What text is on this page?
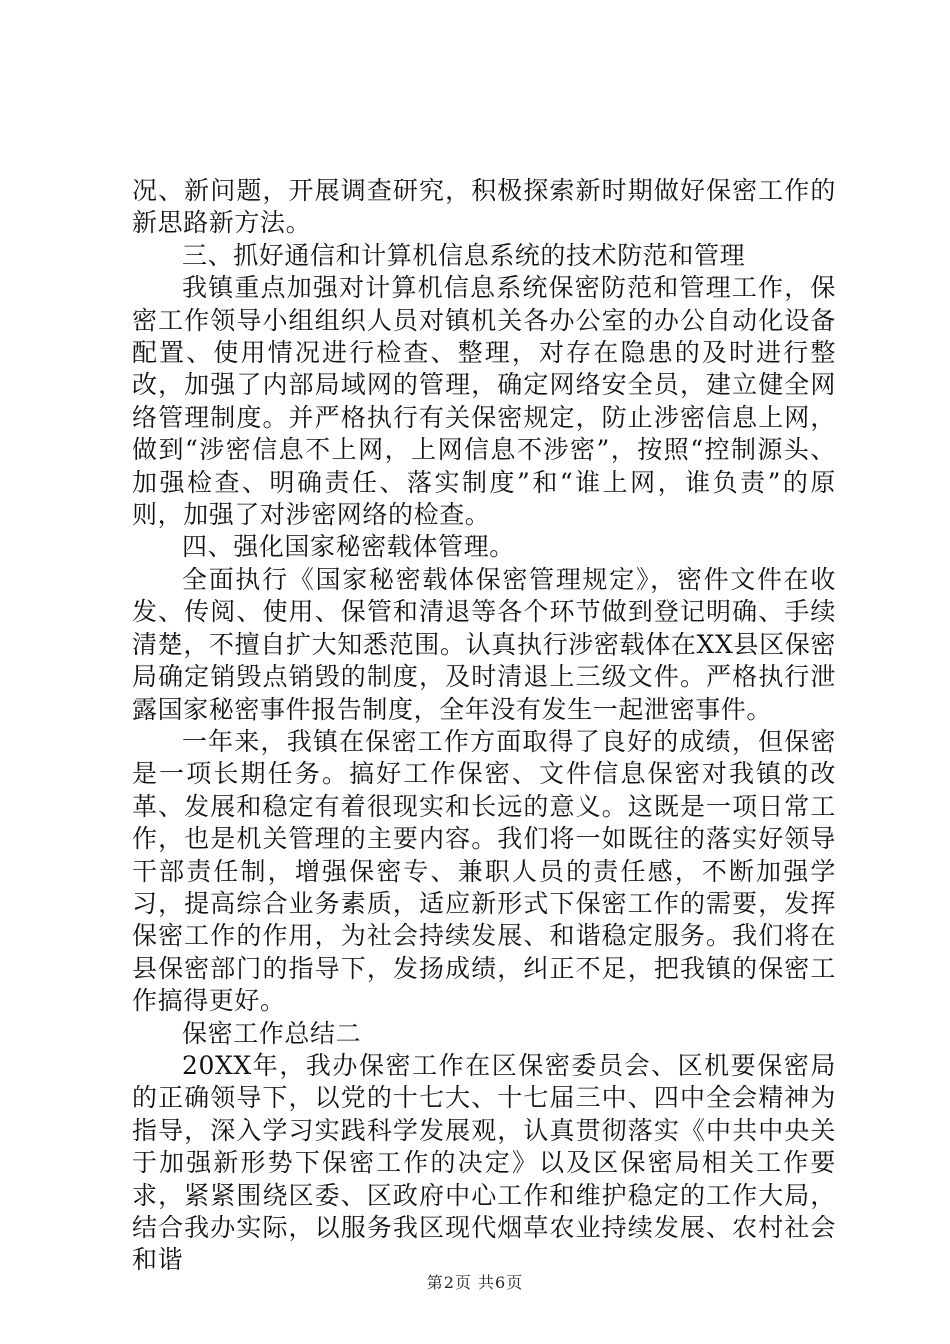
况、新问题，开展调查研究，积极探索新时期做好保密工作的新思路新方法。

三、抓好通信和计算机信息系统的技术防范和管理

我镇重点加强对计算机信息系统保密防范和管理工作，保密工作领导小组组织人员对镇机关各办公室的办公自动化设备配置、使用情况进行检查、整理，对存在隐患的及时进行整改，加强了内部局域网的管理，确定网络安全员，建立健全网络管理制度。并严格执行有关保密规定，防止涉密信息上网，做到“涉密信息不上网，上网信息不涉密”，按照“控制源头、加强检查、明确责任、落实制度”和“谁上网，谁负责”的原则，加强了对涉密网络的检查。

四、强化国家秘密载体管理。

全面执行《国家秘密载体保密管理规定》，密件文件在收发、传阅、使用、保管和清退等各个环节做到登记明确、手续清楚，不擅自扩大知悉范围。认真执行涉密载体在XX县区保密局确定销毁点销毁的制度，及时清退上三级文件。严格执行泄露国家秘密事件报告制度，全年没有发生一起泄密事件。

一年来，我镇在保密工作方面取得了良好的成绩，但保密是一项长期任务。搞好工作保密、文件信息保密对我镇的改革、发展和稳定有着很现实和长远的意义。这既是一项日常工作，也是机关管理的主要内容。我们将一如既往的落实好领导干部责任制，增强保密专、兼职人员的责任感，不断加强学习，提高综合业务素质，适应新形式下保密工作的需要，发挥保密工作的作用，为社会持续发展、和谐稳定服务。我们将在县保密部门的指导下，发扬成绩，纠正不足，把我镇的保密工作搞得更好。

保密工作总结二

20XX年，我办保密工作在区保密委员会、区机要保密局的正确领导下，以党的十七大、十七届三中、四中全会精神为指导，深入学习实践科学发展观，认真贯彻落实《中共中央关于加强新形势下保密工作的决定》以及区保密局相关工作要求，紧紧围绕区委、区政府中心工作和维护稳定的工作大局，结合我办实际，以服务我区现代烟草农业持续发展、农村社会和谐

第2页 共6页
